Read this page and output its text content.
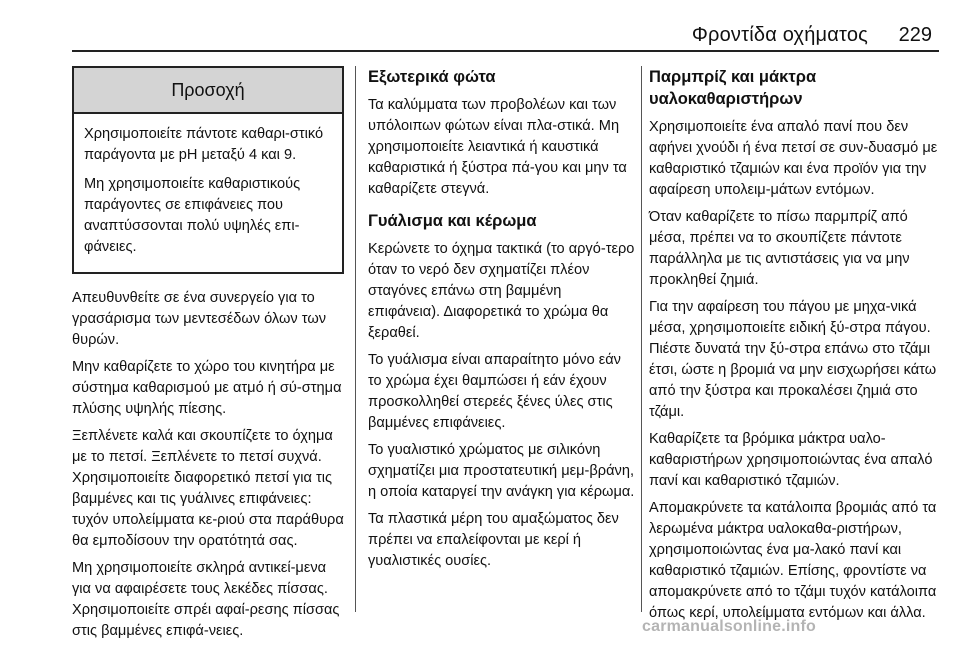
Φροντίδα οχήματος 229
Προσοχή

Χρησιμοποιείτε πάντοτε καθαρι-στικό παράγοντα με pH μεταξύ 4 και 9.

Μη χρησιμοποιείτε καθαριστικούς παράγοντες σε επιφάνειες που αναπτύσσονται πολύ υψηλές επι-φάνειες.

Απευθυνθείτε σε ένα συνεργείο για το γρασάρισμα των μεντεσέδων όλων των θυρών.

Μην καθαρίζετε το χώρο του κινητήρα με σύστημα καθαρισμού με ατμό ή σύ-στημα πλύσης υψηλής πίεσης.

Ξεπλένετε καλά και σκουπίζετε το όχημα με το πετσί. Ξεπλένετε το πετσί συχνά. Χρησιμοποιείτε διαφορετικό πετσί για τις βαμμένες και τις γυάλινες επιφάνειες: τυχόν υπολείμματα κε-ριού στα παράθυρα θα εμποδίσουν την ορατότητά σας.

Μη χρησιμοποιείτε σκληρά αντικεί-μενα για να αφαιρέσετε τους λεκέδες πίσσας. Χρησιμοποιείτε σπρέι αφαί-ρεσης πίσσας στις βαμμένες επιφά-νειες.

Εξωτερικά φώτα

Τα καλύμματα των προβολέων και των υπόλοιπων φώτων είναι πλα-στικά. Μη χρησιμοποιείτε λειαντικά ή καυστικά καθαριστικά ή ξύστρα πά-γου και μην τα καθαρίζετε στεγνά.

Γυάλισμα και κέρωμα

Κερώνετε το όχημα τακτικά (το αργό-τερο όταν το νερό δεν σχηματίζει πλέον σταγόνες επάνω στη βαμμένη επιφάνεια). Διαφορετικά το χρώμα θα ξεραθεί.

Το γυάλισμα είναι απαραίτητο μόνο εάν το χρώμα έχει θαμπώσει ή εάν έχουν προσκολληθεί στερεές ξένες ύλες στις βαμμένες επιφάνειες.

Το γυαλιστικό χρώματος με σιλικόνη σχηματίζει μια προστατευτική μεμ-βράνη, η οποία καταργεί την ανάγκη για κέρωμα.

Τα πλαστικά μέρη του αμαξώματος δεν πρέπει να επαλείφονται με κερί ή γυαλιστικές ουσίες.

Παρμπρίζ και μάκτρα υαλοκαθαριστήρων

Χρησιμοποιείτε ένα απαλό πανί που δεν αφήνει χνούδι ή ένα πετσί σε συν-δυασμό με καθαριστικό τζαμιών και ένα προϊόν για την αφαίρεση υπολειμ-μάτων εντόμων.

Όταν καθαρίζετε το πίσω παρμπρίζ από μέσα, πρέπει να το σκουπίζετε πάντοτε παράλληλα με τις αντιστάσεις για να μην προκληθεί ζημιά.

Για την αφαίρεση του πάγου με μηχα-νικά μέσα, χρησιμοποιείτε ειδική ξύ-στρα πάγου. Πιέστε δυνατά την ξύ-στρα επάνω στο τζάμι έτσι, ώστε η βρομιά να μην εισχωρήσει κάτω από την ξύστρα και προκαλέσει ζημιά στο τζάμι.

Καθαρίζετε τα βρόμικα μάκτρα υαλο-καθαριστήρων χρησιμοποιώντας ένα απαλό πανί και καθαριστικό τζαμιών.

Απομακρύνετε τα κατάλοιπα βρομιάς από τα λερωμένα μάκτρα υαλοκαθα-ριστήρων, χρησιμοποιώντας ένα μα-λακό πανί και καθαριστικό τζαμιών. Επίσης, φροντίστε να απομακρύνετε από το τζάμι τυχόν κατάλοιπα όπως κερί, υπολείμματα εντόμων και άλλα.

carmanualsonline.info
